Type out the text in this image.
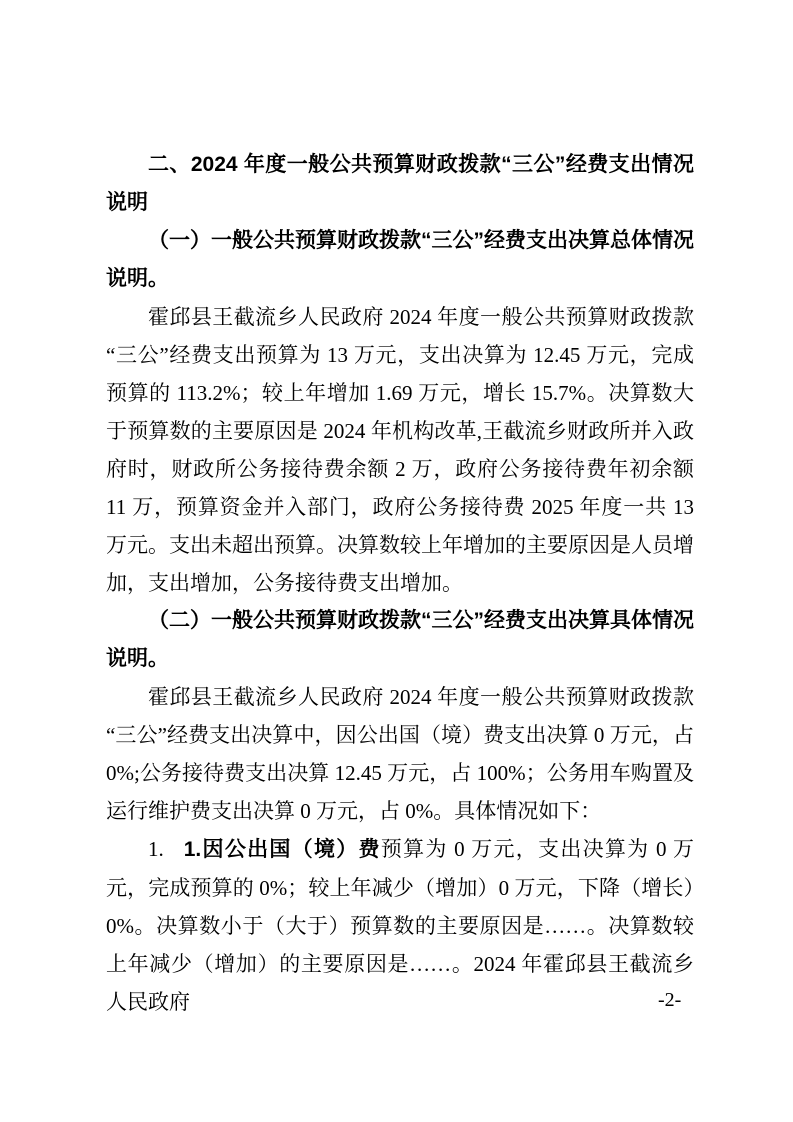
二、2024 年度一般公共预算财政拨款“三公”经费支出情况说明

（一）一般公共预算财政拨款“三公”经费支出决算总体情况说明。

霍邱县王截流乡人民政府 2024 年度一般公共预算财政拨款“三公”经费支出预算为 13 万元，支出决算为 12.45 万元，完成预算的 113.2%；较上年增加 1.69 万元，增长 15.7%。决算数大于预算数的主要原因是 2024 年机构改革,王截流乡财政所并入政府时，财政所公务接待费余额 2 万，政府公务接待费年初余额 11 万，预算资金并入部门，政府公务接待费 2025 年度一共 13 万元。支出未超出预算。决算数较上年增加的主要原因是人员增加，支出增加，公务接待费支出增加。

（二）一般公共预算财政拨款“三公”经费支出决算具体情况说明。

霍邱县王截流乡人民政府 2024 年度一般公共预算财政拨款“三公”经费支出决算中，因公出国（境）费支出决算 0 万元，占 0%;公务接待费支出决算 12.45 万元，占 100%；公务用车购置及运行维护费支出决算 0 万元，占 0%。具体情况如下：

1. 1.因公出国（境）费预算为 0 万元，支出决算为 0 万元，完成预算的 0%；较上年减少（增加）0 万元，下降（增长）0%。决算数小于（大于）预算数的主要原因是……。决算数较上年减少（增加）的主要原因是……。2024 年霍邱县王截流乡人民政府	-2-
